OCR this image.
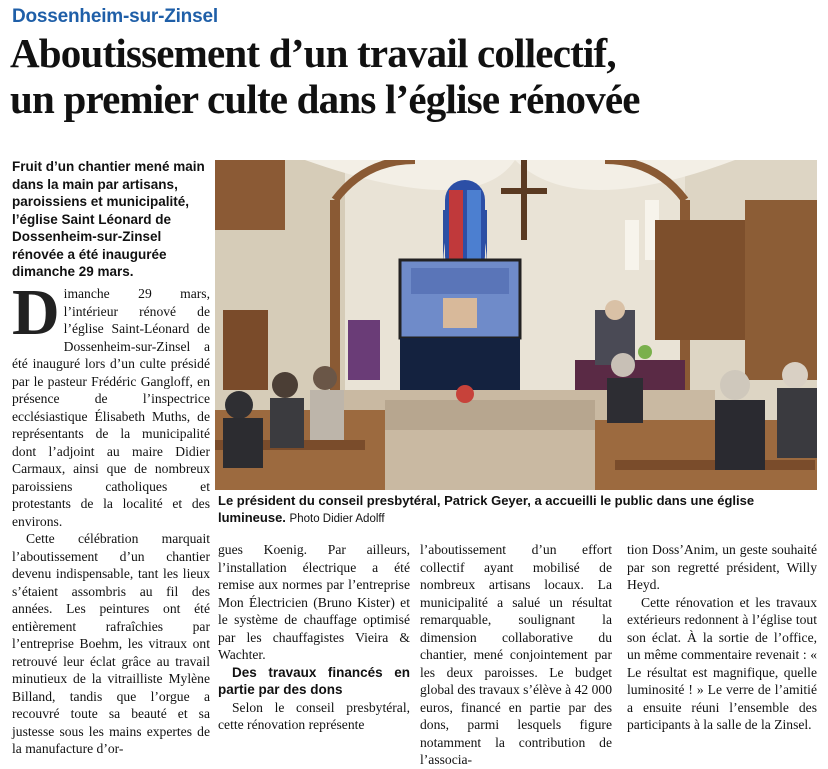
Dossenheim-sur-Zinsel
Aboutissement d’un travail collectif,
un premier culte dans l’église rénovée

Fruit d’un chantier mené main dans la main par artisans, paroissiens et municipalité, l’église Saint Léonard de Dossenheim-sur-Zinsel rénovée a été inaugurée dimanche 29 mars.

Dimanche 29 mars, l’intérieur rénové de l’église Saint-Léonard de Dossenheim-sur-Zinsel a été inauguré lors d’un culte présidé par le pasteur Frédéric Gangloff, en présence de l’inspectrice ecclésiastique Élisabeth Muths, de représentants de la municipalité dont l’adjoint au maire Didier Carmaux, ainsi que de nombreux paroissiens catholiques et protestants de la localité et des environs.

Cette célébration marquait l’aboutissement d’un chantier devenu indispensable, tant les lieux s’étaient assombris au fil des années. Les peintures ont été entièrement rafraîchies par l’entreprise Boehm, les vitraux ont retrouvé leur éclat grâce au travail minutieux de la vitrailliste Mylène Billand, tandis que l’orgue a recouvré toute sa beauté et sa justesse sous les mains expertes de la manufacture d’or-

Le président du conseil presbytéral, Patrick Geyer, a accueilli le public dans une église lumineuse. Photo Didier Adolff

gues Koenig. Par ailleurs, l’installation électrique a été remise aux normes par l’entreprise Mon Électricien (Bruno Kister) et le système de chauffage optimisé par les chauffagistes Vieira & Wachter.

Des travaux financés en partie par des dons

Selon le conseil presbytéral, cette rénovation représente

l’aboutissement d’un effort collectif ayant mobilisé de nombreux artisans locaux. La municipalité a salué un résultat remarquable, soulignant la dimension collaborative du chantier, mené conjointement par les deux paroisses. Le budget global des travaux s’élève à 42 000 euros, financé en partie par des dons, parmi lesquels figure notamment la contribution de l’associa-

tion Doss’Anim, un geste souhaité par son regretté président, Willy Heyd.

Cette rénovation et les travaux extérieurs redonnent à l’église tout son éclat. À la sortie de l’office, un même commentaire revenait : « Le résultat est magnifique, quelle luminosité ! » Le verre de l’amitié a ensuite réuni l’ensemble des participants à la salle de la Zinsel.
